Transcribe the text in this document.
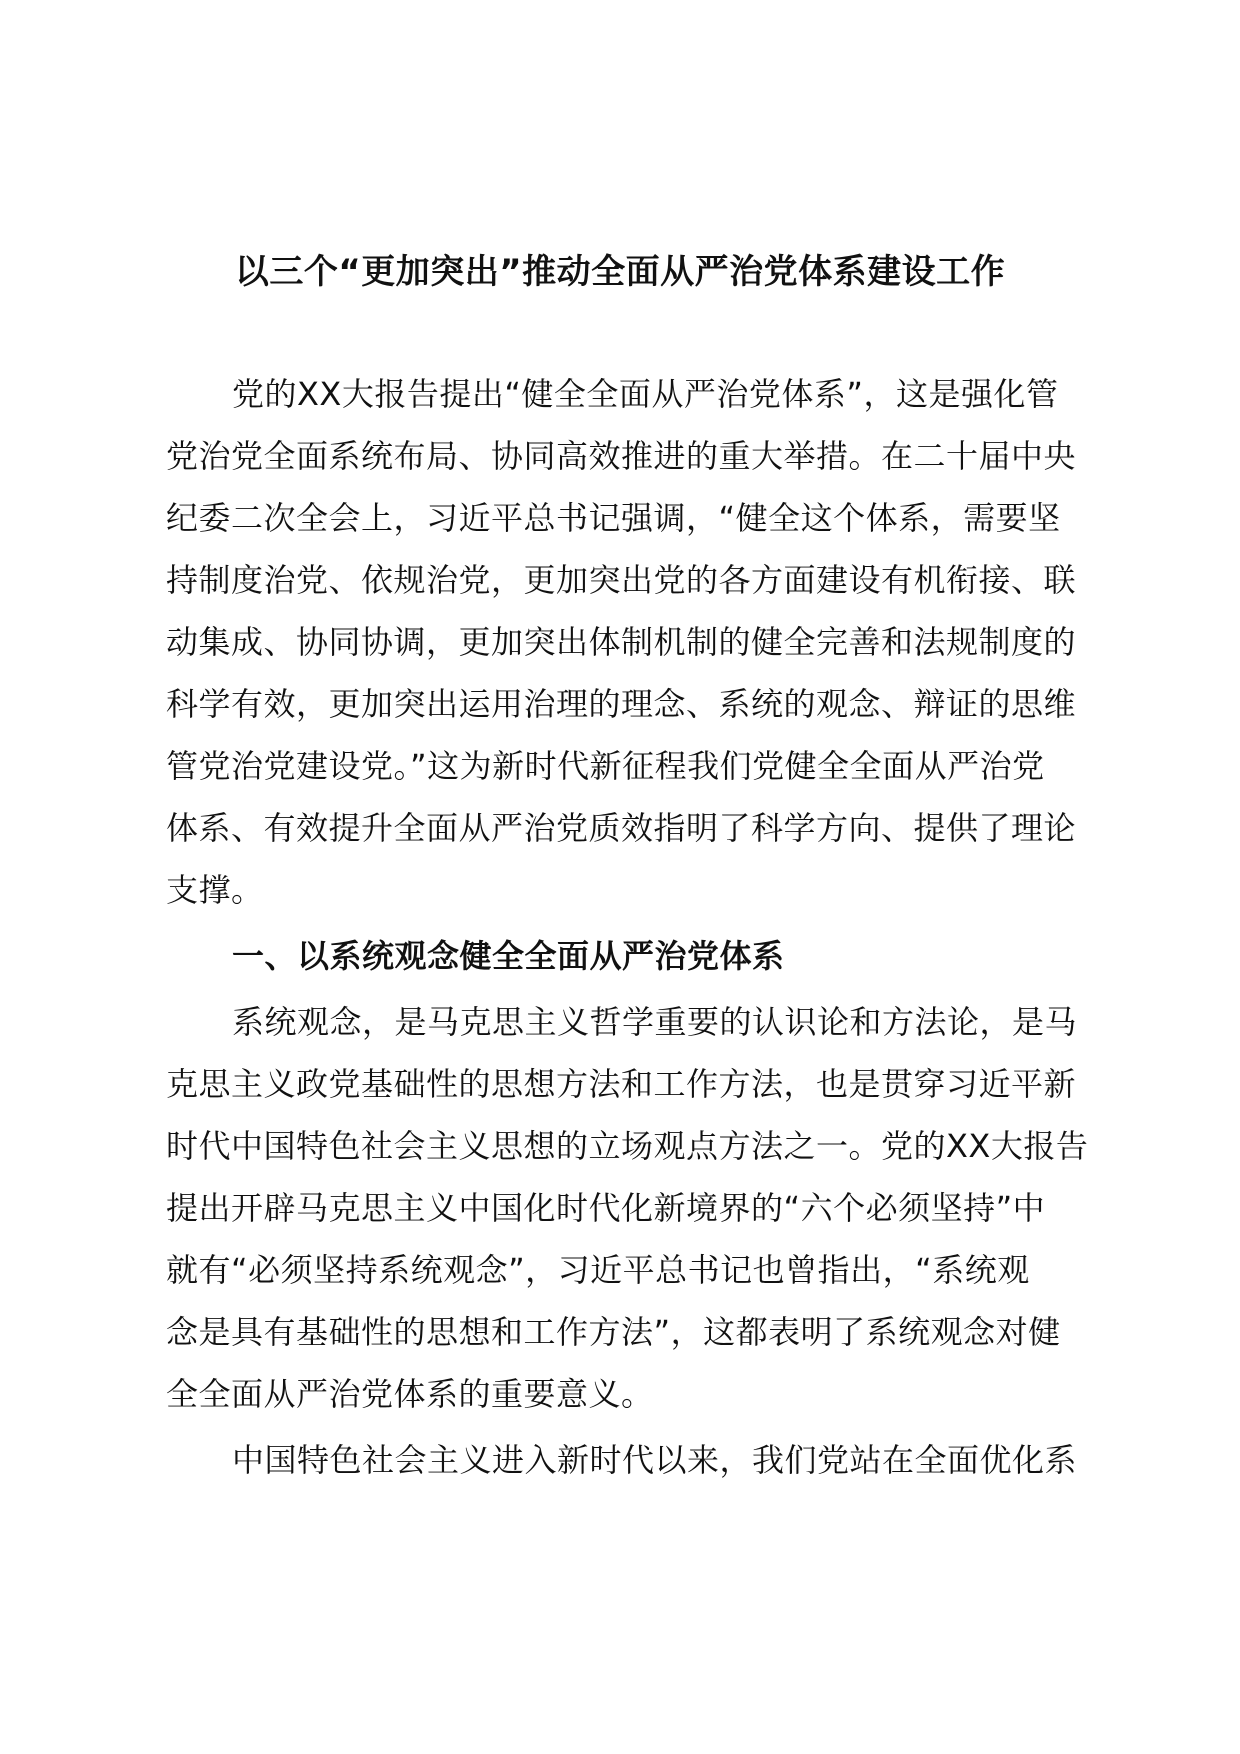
以三个“更加突出”推动全面从严治党体系建设工作
党的XX大报告提出“健全全面从严治党体系”，这是强化管
党治党全面系统布局、协同高效推进的重大举措。在二十届中央
纪委二次全会上，习近平总书记强调，“健全这个体系，需要坚
持制度治党、依规治党，更加突出党的各方面建设有机衔接、联
动集成、协同协调，更加突出体制机制的健全完善和法规制度的
科学有效，更加突出运用治理的理念、系统的观念、辩证的思维
管党治党建设党。”这为新时代新征程我们党健全全面从严治党
体系、有效提升全面从严治党质效指明了科学方向、提供了理论
支撑。
一、以系统观念健全全面从严治党体系
系统观念，是马克思主义哲学重要的认识论和方法论，是马
克思主义政党基础性的思想方法和工作方法，也是贯穿习近平新
时代中国特色社会主义思想的立场观点方法之一。党的XX大报告
提出开辟马克思主义中国化时代化新境界的“六个必须坚持”中
就有“必须坚持系统观念”，习近平总书记也曾指出，“系统观
念是具有基础性的思想和工作方法”，这都表明了系统观念对健
全全面从严治党体系的重要意义。
中国特色社会主义进入新时代以来，我们党站在全面优化系
